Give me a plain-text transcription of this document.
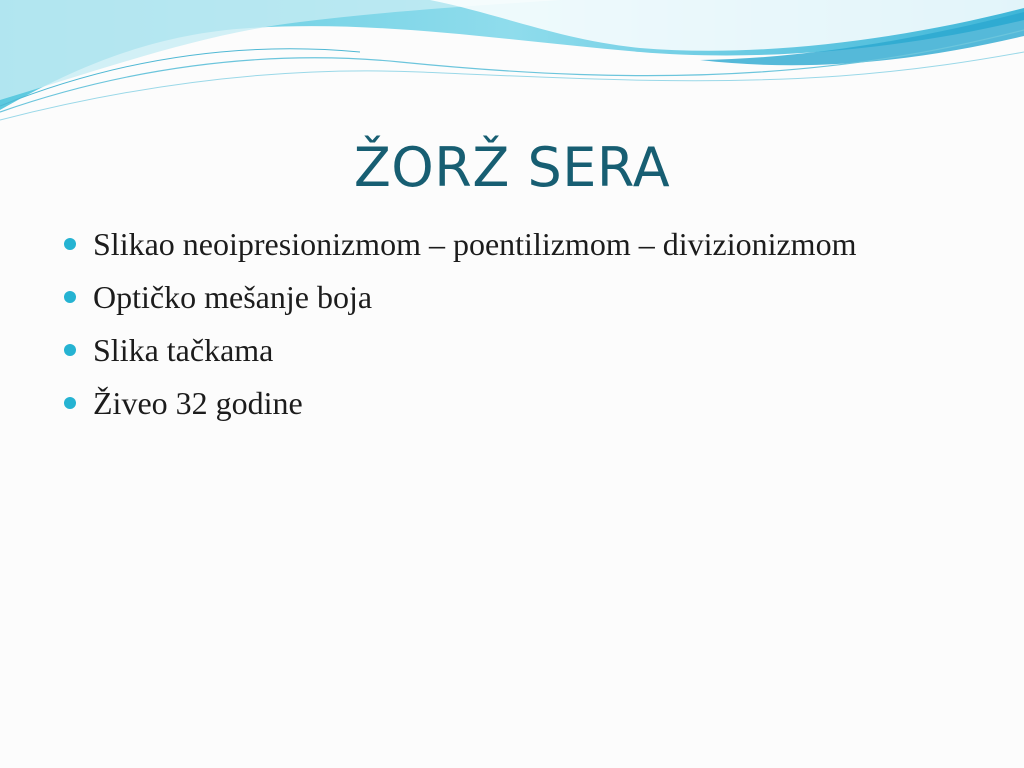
ŽORŽ SERA
Slikao neoipresionizmom – poentilizmom – divizionizmom
Optičko mešanje boja
Slika tačkama
Živeo 32 godine
